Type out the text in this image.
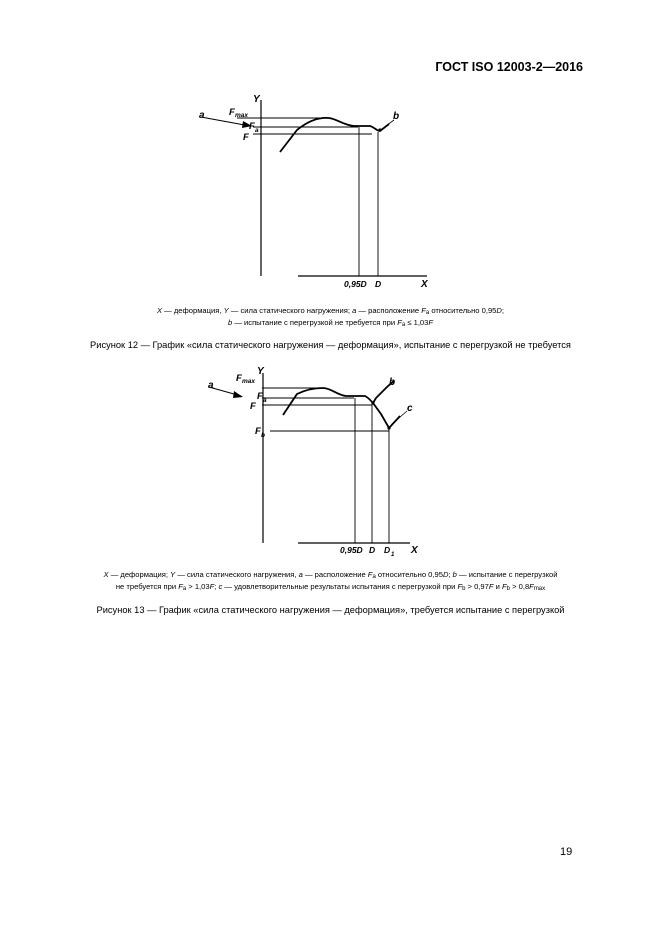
ГОСТ ISO 12003-2—2016
Y
X
F max
F a
F
0,95D D
a	b
X — деформация, Y — сила статического нагружения; a — расположение $F_a$ относительно 0,95D;
b — испытание с перегрузкой не требуется при $F_a \le 1,03F$
Рисунок 12 — График «сила статического нагружения — деформация», испытание с перегрузкой не требуется
Y
X
F max
F a
F
F b
0,95D D D 1
a	b
c
X — деформация; Y — сила статического нагружения, a — расположение $F_a$ относительно 0,95D; b — испытание с перегрузкой
не требуется при $F_a > 1,03F$; c — удовлетворительные результаты испытания с перегрузкой при $F_b > 0,97F$ и $F_b > 0,8F_{max}$
Рисунок 13 — График «сила статического нагружения — деформация», требуется испытание с перегрузкой
19
